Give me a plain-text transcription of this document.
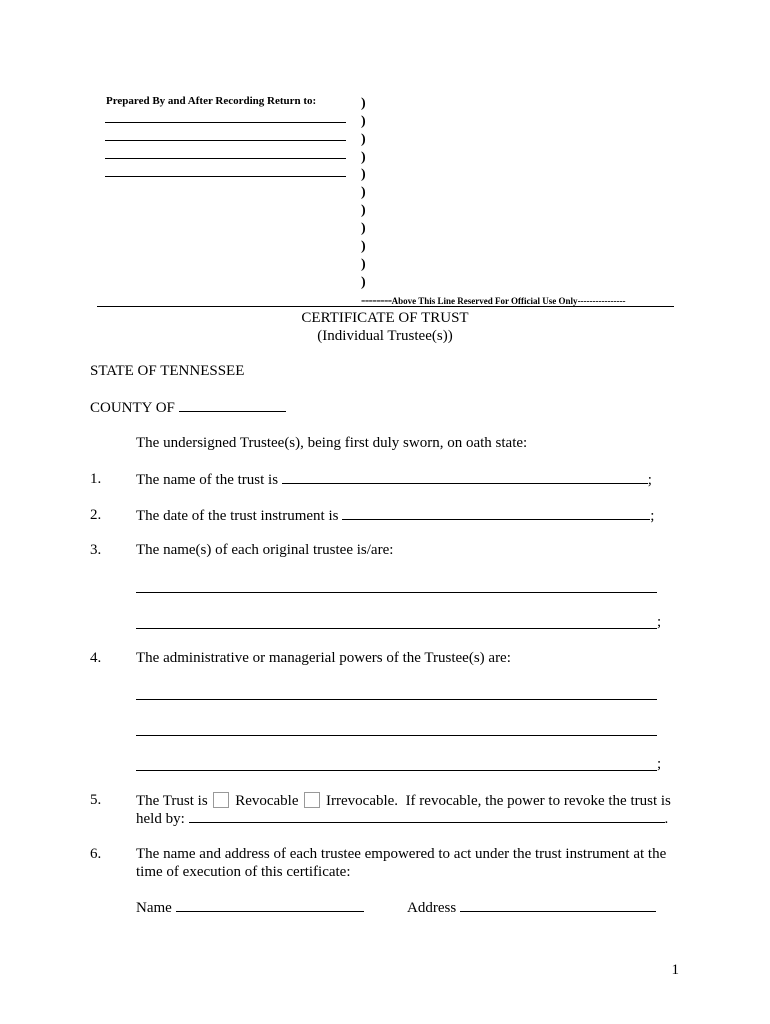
Prepared By and After Recording Return to:	)
)
)
)
)
)
)
)
)
)
)
--------Above This Line Reserved For Official Use Only----------------
CERTIFICATE OF TRUST
(Individual Trustee(s))
STATE OF TENNESSEE
COUNTY OF
The undersigned Trustee(s), being first duly sworn, on oath state:
1. The name of the trust is	;
2. The date of the trust instrument is	;
3. The name(s) of each original trustee is/are:
;
4. The administrative or managerial powers of the Trustee(s) are:
;
5. The Trust is Revocable Irrevocable. If revocable, the power to revoke the trust is
held by:	.
6. The name and address of each trustee empowered to act under the trust instrument at the
time of execution of this certificate:
Name	Address
1
